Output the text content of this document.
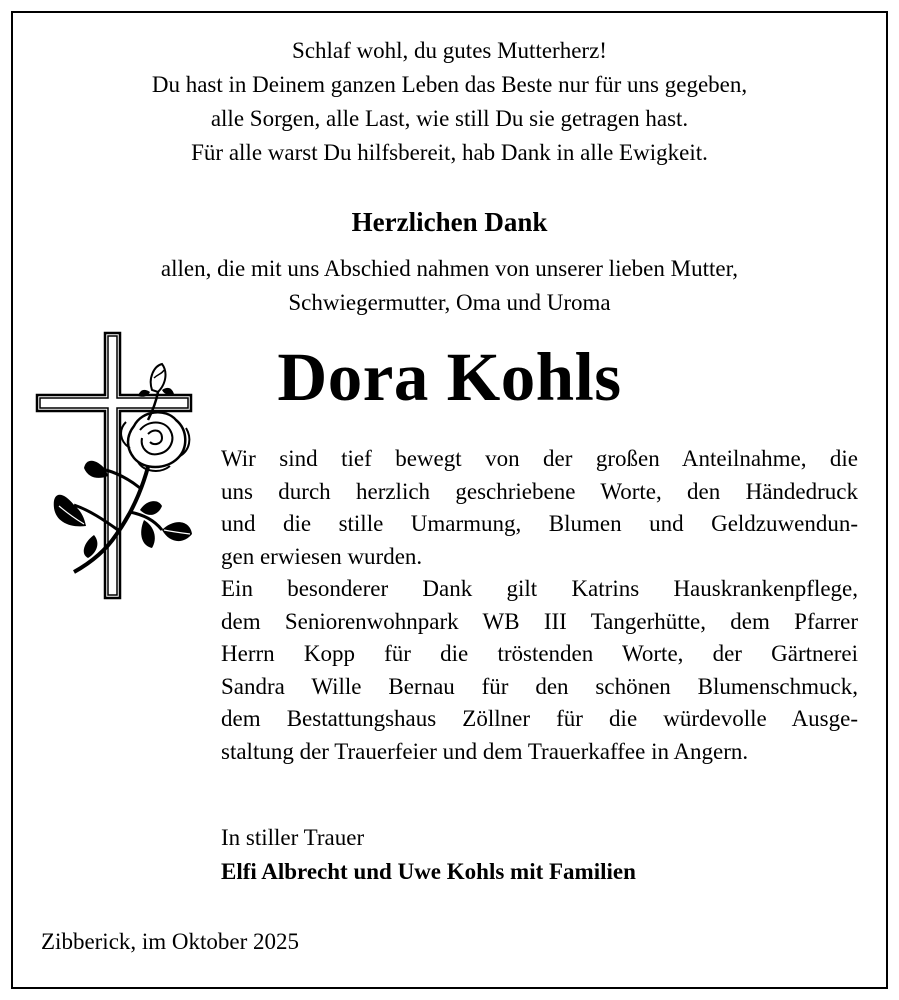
Schlaf wohl, du gutes Mutterherz!
Du hast in Deinem ganzen Leben das Beste nur für uns gegeben,
alle Sorgen, alle Last, wie still Du sie getragen hast.
Für alle warst Du hilfsbereit, hab Dank in alle Ewigkeit.
Herzlichen Dank
allen, die mit uns Abschied nahmen von unserer lieben Mutter,
Schwiegermutter, Oma und Uroma
Dora Kohls
Wir sind tief bewegt von der großen Anteilnahme, die
uns durch herzlich geschriebene Worte, den Händedruck
und die stille Umarmung, Blumen und Geldzuwendun-
gen erwiesen wurden.
Ein besonderer Dank gilt Katrins Hauskrankenpflege,
dem Seniorenwohnpark WB III Tangerhütte, dem Pfarrer
Herrn Kopp für die tröstenden Worte, der Gärtnerei
Sandra Wille Bernau für den schönen Blumenschmuck,
dem Bestattungshaus Zöllner für die würdevolle Ausge-
staltung der Trauerfeier und dem Trauerkaffee in Angern.
In stiller Trauer
Elfi Albrecht und Uwe Kohls mit Familien
Zibberick, im Oktober 2025
